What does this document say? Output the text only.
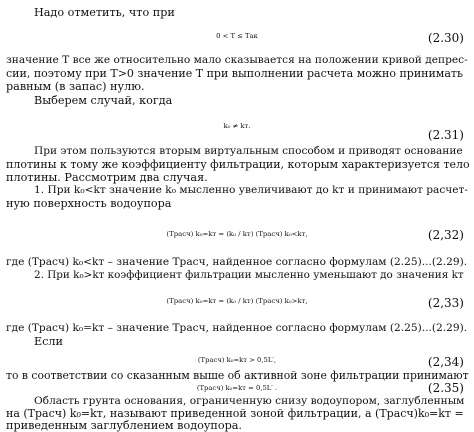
Надо отметить, что при
0 < T ≤ Tак	(2.30)
значение T все же относительно мало сказывается на положении кривой депрес-
сии, поэтому при T>0 значение T при выполнении расчета можно принимать
равным (в запас) нулю.
Выберем случай, когда
k₀ ≠ kт.
(2.31)
При этом пользуются вторым виртуальным способом и приводят основание
плотины к тому же коэффициенту фильтрации, которым характеризуется тело
плотины. Рассмотрим два случая.
1. При k₀<kт значение k₀ мысленно увеличивают до kт и принимают расчет-
ную поверхность водоупора
(Tрасч) k₀=kт = (k₀ / kт) (Tрасч) k₀<kт,	(2,32)
где (Tрасч) k₀<kт – значение Tрасч, найденное согласно формулам (2.25)...(2.29).
2. При k₀>kт коэффициент фильтрации мысленно уменьшают до значения kт
(Tрасч) k₀=kт = (k₀ / kт) (Tрасч) k₀>kт,	(2,33)
где (Tрасч) k₀=kт – значение Tрасч, найденное согласно формулам (2.25)...(2.29).
Если
(Tрасч) k₀=kт > 0,5L′,	(2,34)
то в соответствии со сказанным выше об активной зоне фильтрации принимают
(Tрасч) k₀=kт = 0,5L′ .	(2.35)
Область грунта основания, ограниченную снизу водоупором, заглубленным
на (Tрасч) k₀=kт, называют приведенной зоной фильтрации, а (Tрасч)k₀=kт =
приведенным заглублением водоупора.
